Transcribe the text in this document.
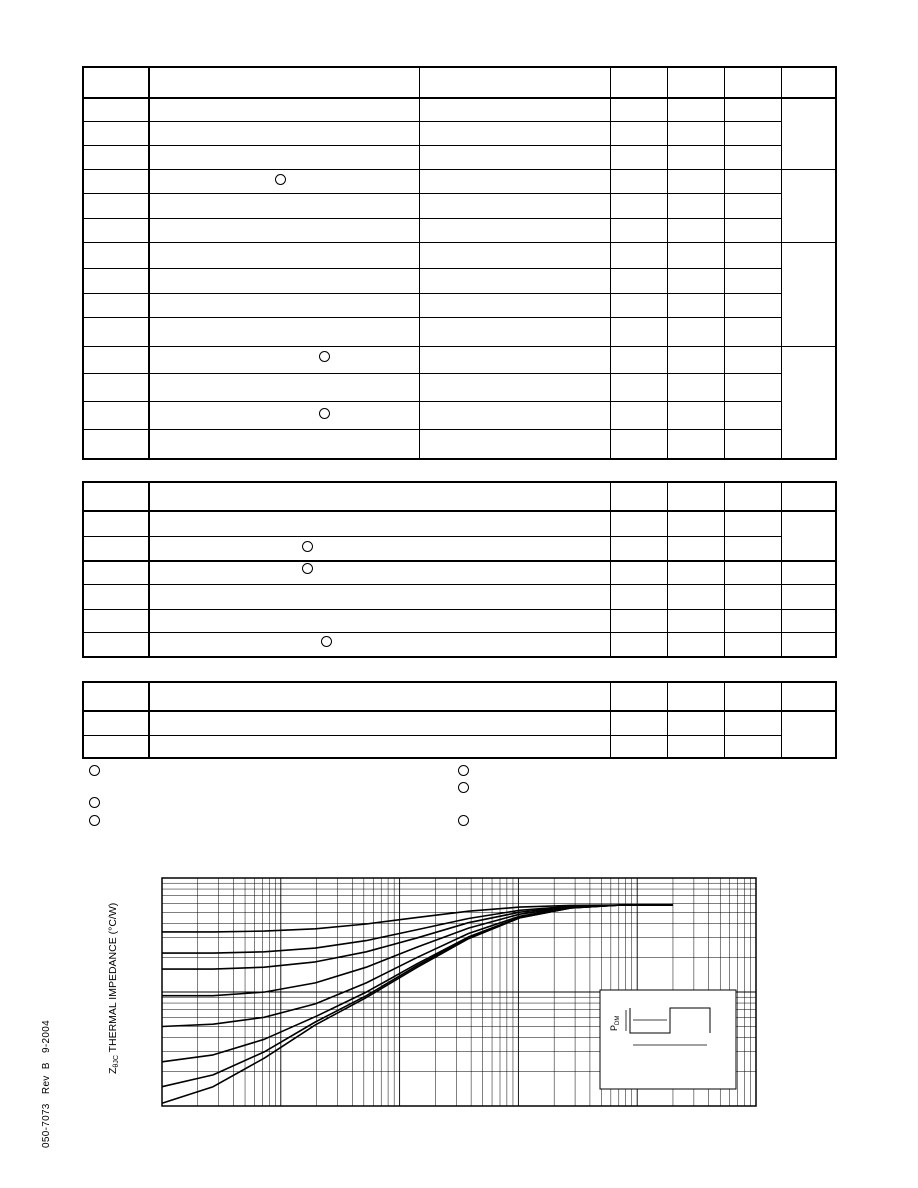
$Z_{\theta JC}$ THERMAL IMPEDANCE (°C/W)	$P_{DM}$
050-7073   Rev  B   9-2004
